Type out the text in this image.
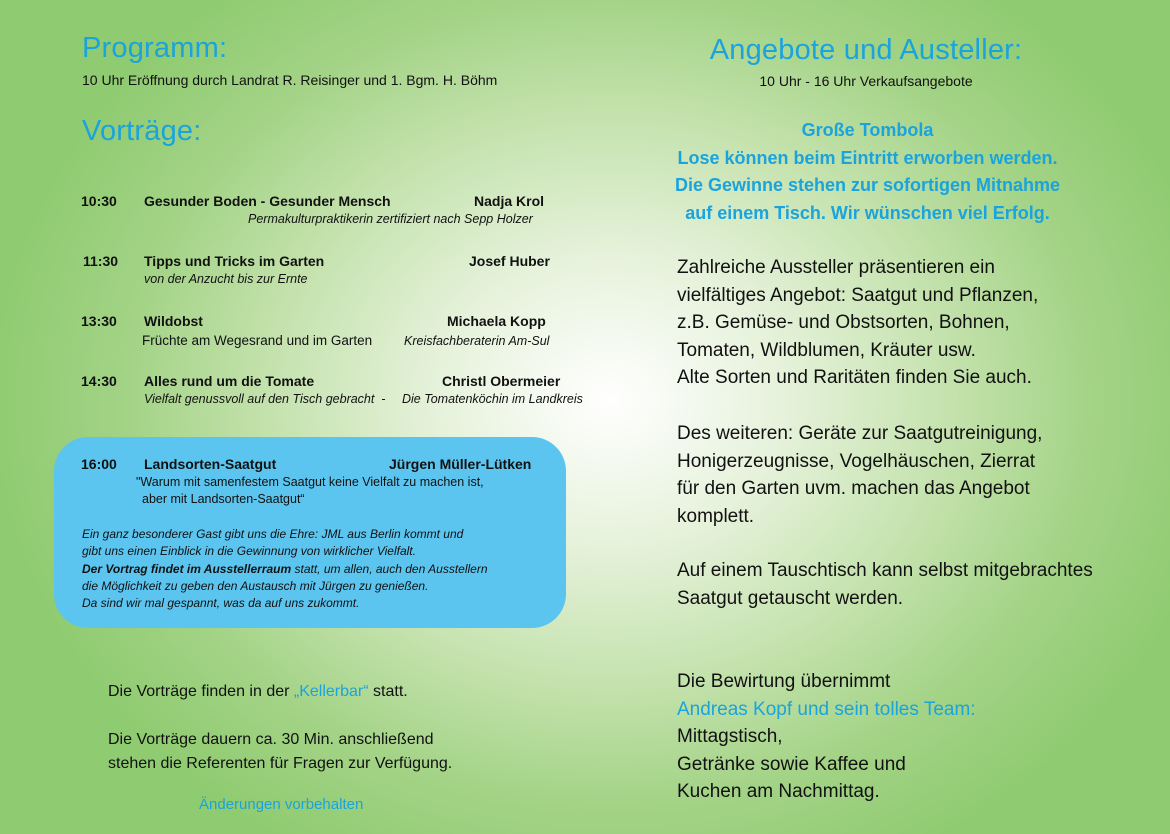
Programm:
10 Uhr Eröffnung durch Landrat R. Reisinger und 1. Bgm. H. Böhm
Vorträge:
10:30 Gesunder Boden - Gesunder Mensch	Nadja Krol
Permakulturpraktikerin zertifiziert nach Sepp Holzer
11:30 Tipps und Tricks im Garten	Josef Huber
von der Anzucht bis zur Ernte
13:30 Wildobst	Michaela Kopp
Früchte am Wegesrand und im Garten	Kreisfachberaterin Am-Sul
14:30 Alles rund um die Tomate	Christl Obermeier
Vielfalt genussvoll auf den Tisch gebracht  - Die Tomatenköchin im Landkreis
16:00 Landsorten-Saatgut	Jürgen Müller-Lütken
"Warum mit samenfestem Saatgut keine Vielfalt zu machen ist,
aber mit Landsorten-Saatgut“
Ein ganz besonderer Gast gibt uns die Ehre: JML aus Berlin kommt und
gibt uns einen Einblick in die Gewinnung von wirklicher Vielfalt.
Der Vortrag findet im Ausstellerraum statt, um allen, auch den Ausstellern
die Möglichkeit zu geben den Austausch mit Jürgen zu genießen.
Da sind wir mal gespannt, was da auf uns zukommt.
Die Vorträge finden in der „Kellerbar“ statt.
Die Vorträge dauern ca. 30 Min. anschließend
stehen die Referenten für Fragen zur Verfügung.
Änderungen vorbehalten
Angebote und Austeller:
10 Uhr - 16 Uhr Verkaufsangebote
Große Tombola
Lose können beim Eintritt erworben werden.
Die Gewinne stehen zur sofortigen Mitnahme
auf einem Tisch. Wir wünschen viel Erfolg.
Zahlreiche Aussteller präsentieren ein
vielfältiges Angebot: Saatgut und Pflanzen,
z.B. Gemüse- und Obstsorten, Bohnen,
Tomaten, Wildblumen, Kräuter usw.
Alte Sorten und Raritäten finden Sie auch.
Des weiteren: Geräte zur Saatgutreinigung,
Honigerzeugnisse, Vogelhäuschen, Zierrat
für den Garten uvm. machen das Angebot
komplett.
Auf einem Tauschtisch kann selbst mitgebrachtes
Saatgut getauscht werden.
Die Bewirtung übernimmt
Andreas Kopf und sein tolles Team:
Mittagstisch,
Getränke sowie Kaffee und
Kuchen am Nachmittag.
